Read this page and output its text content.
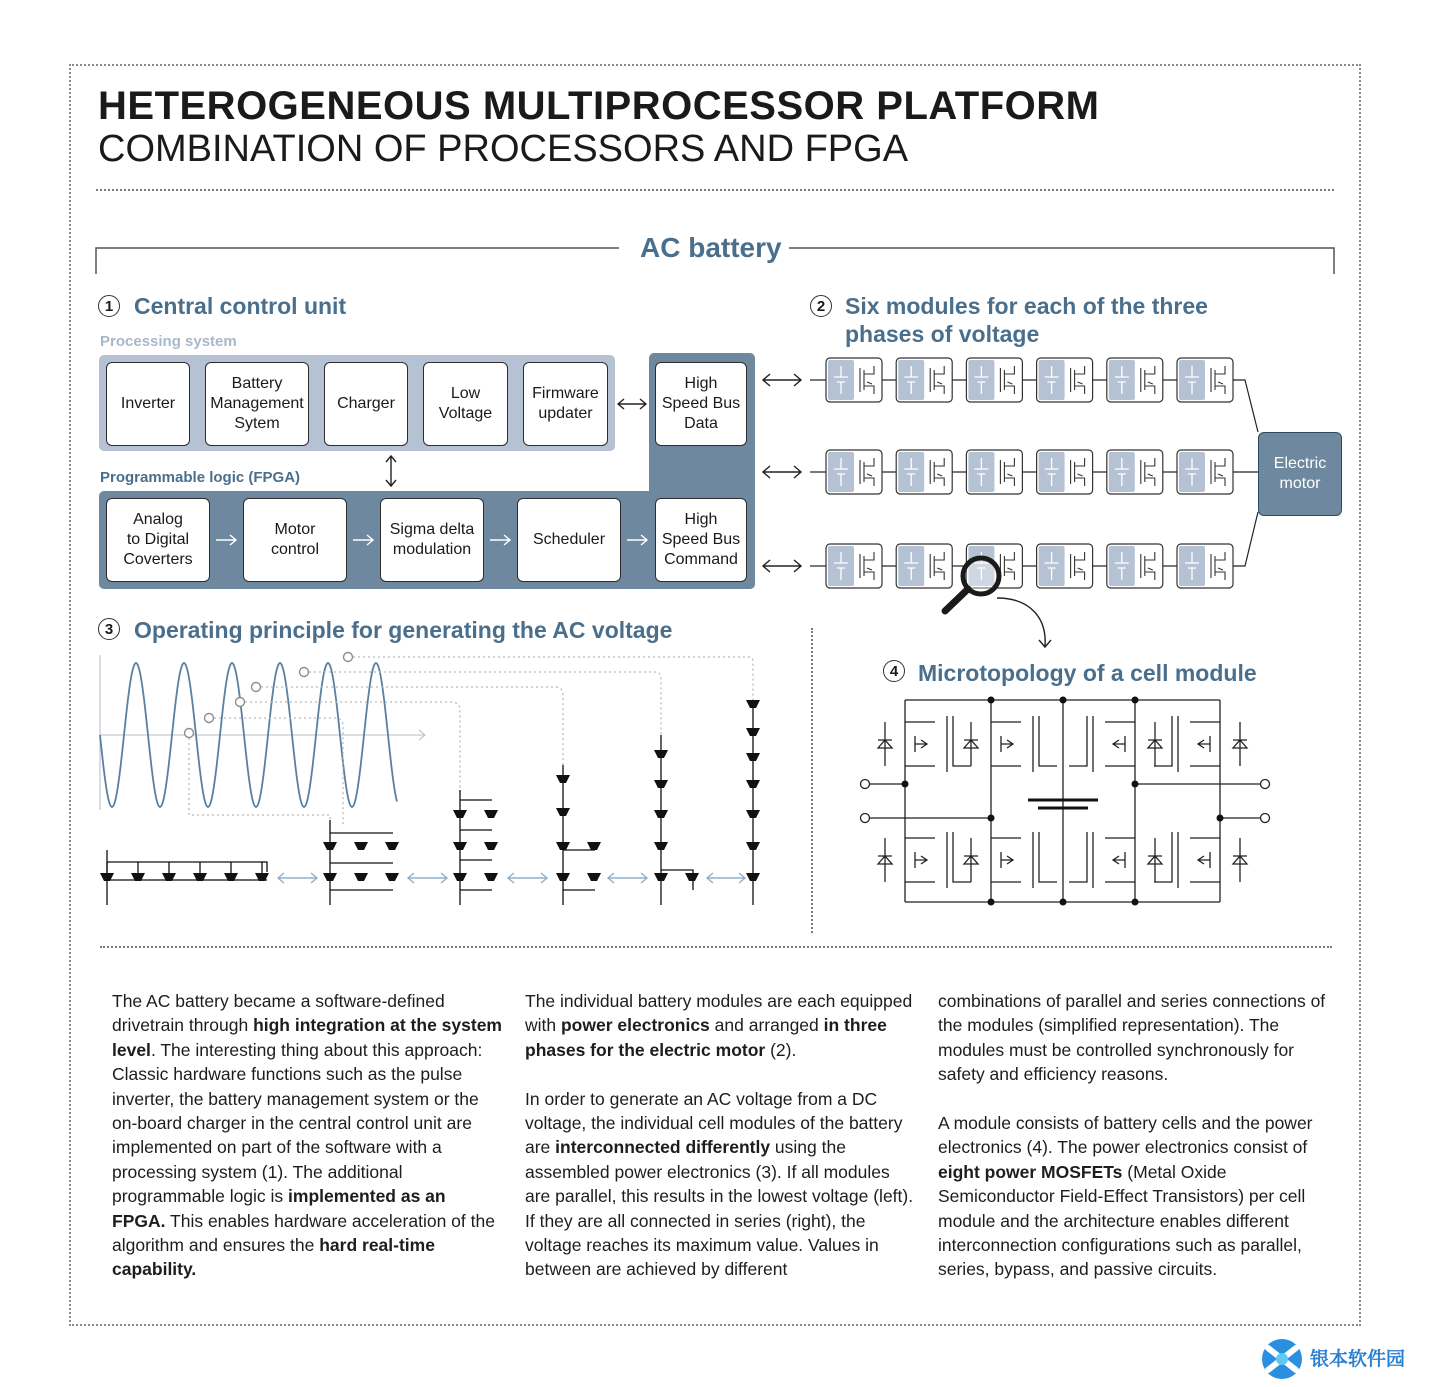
HETEROGENEOUS MULTIPROCESSOR PLATFORM
COMBINATION OF PROCESSORS AND FPGA
AC battery
1 Central control unit
Processing system
Programmable logic (FPGA)
Inverter
Battery
Management
Sytem
Charger
Low
Voltage
Firmware
updater
High
Speed Bus
Data
Analog
to Digital
Coverters
Motor
control
Sigma delta
modulation
Scheduler
High
Speed Bus
Command
2 Six modules for each of the three
phases of voltage
Electric
motor
3 Operating principle for generating the AC voltage
4 Microtopology of a cell module

The AC battery became a software-defined drivetrain through high integration at the system level. The interesting thing about this approach: Classic hardware functions such as the pulse inverter, the battery management system or the on-board charger in the central control unit are implemented on part of the software with a processing system (1). The additional programmable logic is implemented as an FPGA. This enables hardware acceleration of the algorithm and ensures the hard real-time capability.

The individual battery modules are each equipped with power electronics and arranged in three phases for the electric motor (2).

In order to generate an AC voltage from a DC voltage, the individual cell modules of the battery are interconnected differently using the assembled power electronics (3). If all modules are parallel, this results in the lowest voltage (left). If they are all connected in series (right), the voltage reaches its maximum value. Values in between are achieved by different

combinations of parallel and series connections of the modules (simplified representation). The modules must be controlled synchronously for safety and efficiency reasons.

A module consists of battery cells and the power electronics (4). The power electronics consist of eight power MOSFETs (Metal Oxide Semiconductor Field-Effect Transistors) per cell module and the architecture enables different interconnection configurations such as parallel, series, bypass, and passive circuits.

银本软件园
